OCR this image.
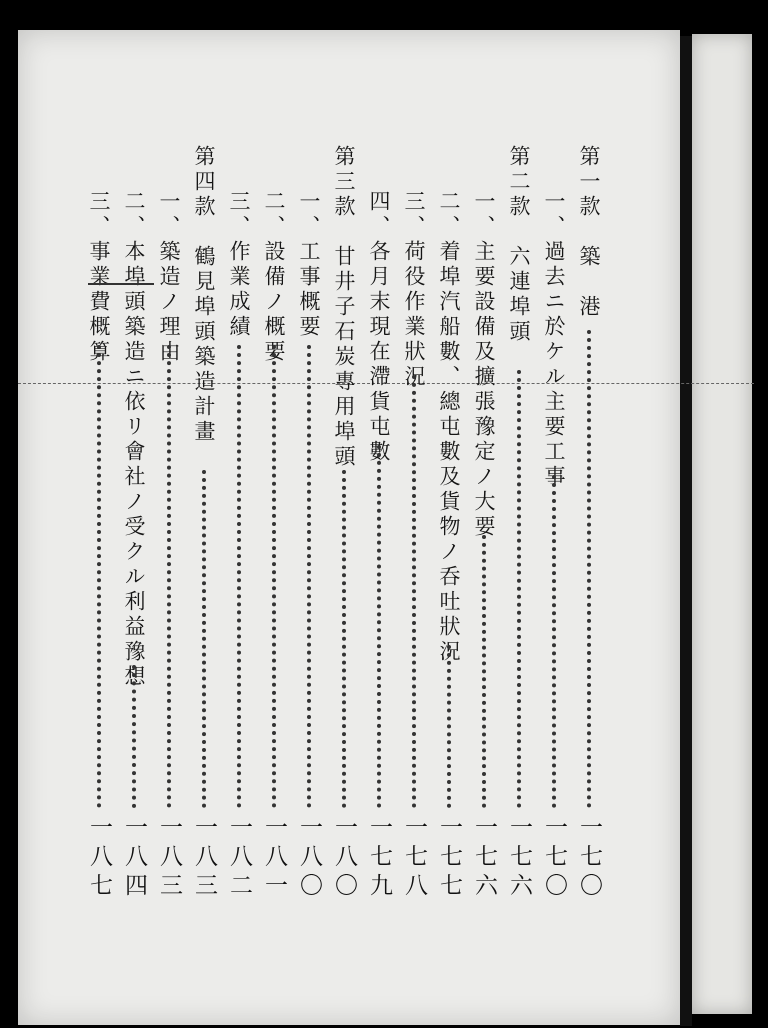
第一款　築　港
一七〇
一、過去ニ於ケル主要工事
一七〇
第二款　六連埠頭
一七六
一、主要設備及擴張豫定ノ大要
一七六
二、着埠汽船數、總屯數及貨物ノ呑吐狀況
一七七
三、荷役作業狀況
一七八
四、各月末現在滯貨屯數
一七九
第三款　甘井子石炭專用埠頭
一八〇
一、工事概要
一八〇
二、設備ノ概要
一八一
三、作業成績
一八二
第四款　鶴見埠頭築造計畫
一八三
一、築造ノ理由
一八三
二、本埠頭築造ニ依リ會社ノ受クル利益豫想
一八四
三、事業費概算
一八七
